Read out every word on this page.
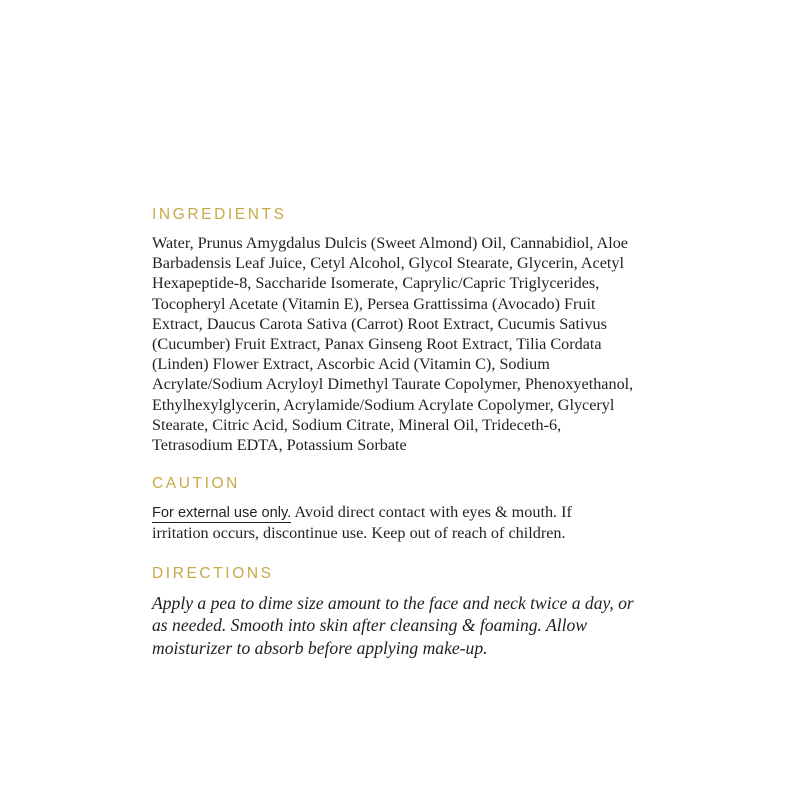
INGREDIENTS

Water, Prunus Amygdalus Dulcis (Sweet Almond) Oil, Cannabidiol, Aloe Barbadensis Leaf Juice, Cetyl Alcohol, Glycol Stearate, Glycerin, Acetyl Hexapeptide-8, Saccharide Isomerate, Caprylic/Capric Triglycerides, Tocopheryl Acetate (Vitamin E), Persea Grattissima (Avocado) Fruit Extract, Daucus Carota Sativa (Carrot) Root Extract, Cucumis Sativus (Cucumber) Fruit Extract, Panax Ginseng Root Extract, Tilia Cordata (Linden) Flower Extract, Ascorbic Acid (Vitamin C), Sodium Acrylate/Sodium Acryloyl Dimethyl Taurate Copolymer, Phenoxyethanol, Ethylhexylglycerin, Acrylamide/Sodium Acrylate Copolymer, Glyceryl Stearate, Citric Acid, Sodium Citrate, Mineral Oil, Trideceth-6, Tetrasodium EDTA, Potassium Sorbate

CAUTION

For external use only. Avoid direct contact with eyes & mouth. If irritation occurs, discontinue use. Keep out of reach of children.

DIRECTIONS

Apply a pea to dime size amount to the face and neck twice a day, or as needed. Smooth into skin after cleansing & foaming. Allow moisturizer to absorb before applying make-up.
